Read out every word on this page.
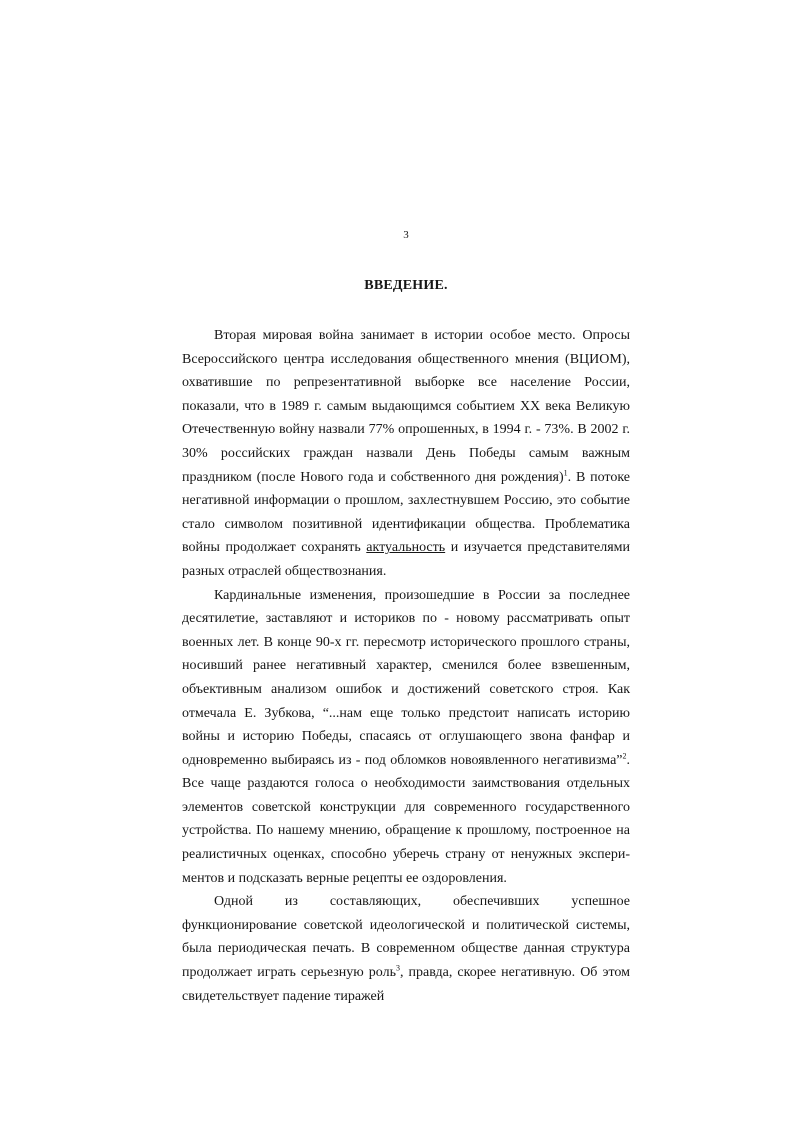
3
ВВЕДЕНИЕ.

Вторая мировая война занимает в истории особое место. Опросы Всероссийского центра исследования общественного мнения (ВЦИОМ), охватившие по репрезентативной выборке все население России, показали, что в 1989 г. самым выдающимся событием XX века Великую Отечественную войну назвали 77% опрошенных, в 1994 г. - 73%. В 2002 г. 30% российских граждан назвали День Победы самым важным праздником (после Нового года и собственного дня рождения)$^1$. В потоке негативной информации о прошлом, захлестнувшем Россию, это событие стало символом позитивной идентификации общества. Проблематика войны продолжает сохранять актуальность и изучается представителями разных отраслей обществознания.

Кардинальные изменения, произошедшие в России за последнее десятилетие, заставляют и историков по - новому рассматривать опыт военных лет. В конце 90-х гг. пересмотр исторического прошлого страны, носивший ранее негативный характер, сменился более взвешенным, объективным анализом ошибок и достижений советского строя. Как отмечала Е. Зубкова, “...нам еще только предстоит написать историю войны и историю Победы, спасаясь от оглушающего звона фанфар и одновременно выбираясь из - под обломков новоявленного негативизма”$^2$. Все чаще раздаются голоса о необходимости заимствования отдельных элементов советской конструкции для современного государственного устройства. По нашему мнению, обращение к прошлому, построенное на реалистичных оценках, способно уберечь страну от ненужных экспериментов и подсказать верные рецепты ее оздоровления.

Одной из составляющих, обеспечивших успешное функционирование советской идеологической и политической системы, была периодическая печать. В современном обществе данная структура продолжает играть серьезную роль$^3$, правда, скорее негативную. Об этом свидетельствует падение тиражей
